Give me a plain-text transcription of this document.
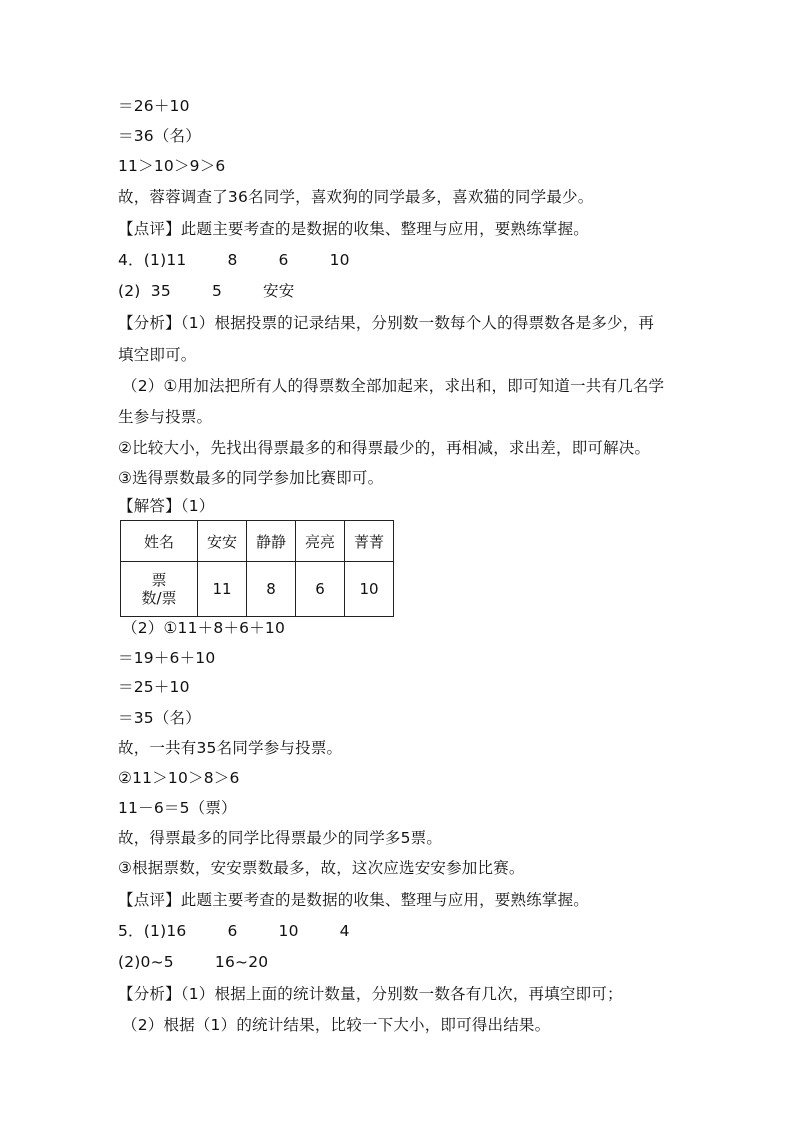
＝26＋10
＝36（名）
11＞10＞9＞6
故，蓉蓉调查了36名同学，喜欢狗的同学最多，喜欢猫的同学最少。
【点评】此题主要考查的是数据的收集、整理与应用，要熟练掌握。
4．(1)11        8        6        10
(2)  35        5        安安
【分析】（1）根据投票的记录结果，分别数一数每个人的得票数各是多少，再
填空即可。
（2）①用加法把所有人的得票数全部加起来，求出和，即可知道一共有几名学
生参与投票。
②比较大小，先找出得票最多的和得票最少的，再相减，求出差，即可解决。
③选得票数最多的同学参加比赛即可。
【解答】（1）
姓名	安安	静静	亮亮	菁菁

票
数/票	11	8	6	10
（2）①11＋8＋6＋10
＝19＋6＋10
＝25＋10
＝35（名）
故，一共有35名同学参与投票。
②11＞10＞8＞6
11－6＝5（票）
故，得票最多的同学比得票最少的同学多5票。
③根据票数，安安票数最多，故，这次应选安安参加比赛。
【点评】此题主要考查的是数据的收集、整理与应用，要熟练掌握。
5．(1)16        6        10        4
(2)0~5        16~20
【分析】（1）根据上面的统计数量，分别数一数各有几次，再填空即可；
（2）根据（1）的统计结果，比较一下大小，即可得出结果。
